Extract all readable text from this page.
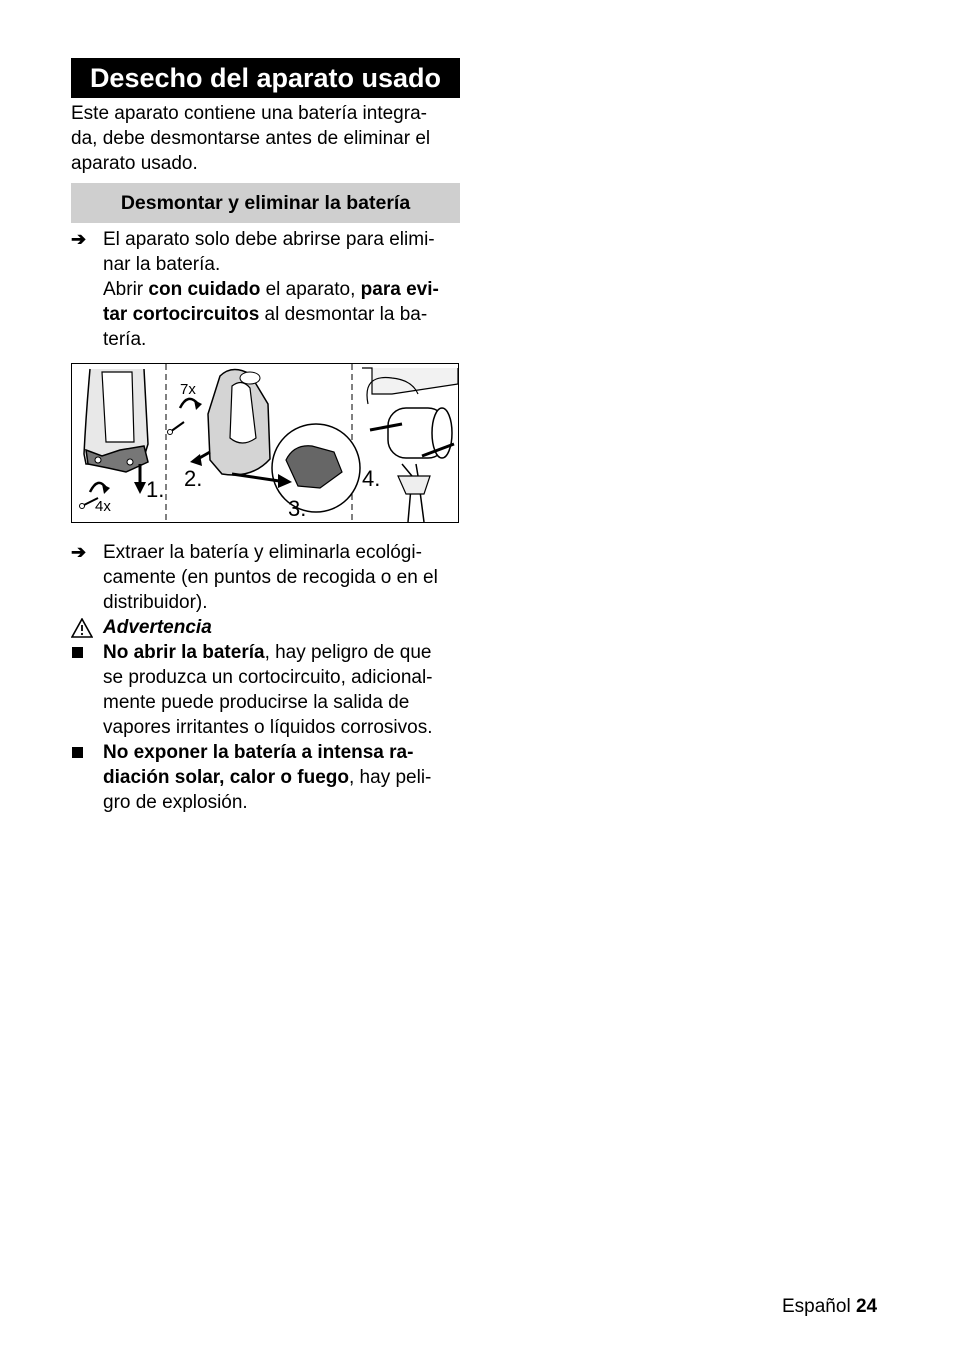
Desecho del aparato usado
Este aparato contiene una batería integra-
da, debe desmontarse antes de eliminar el
aparato usado.
Desmontar y eliminar la batería
➔ El aparato solo debe abrirse para elimi-
nar la batería.
Abrir con cuidado el aparato, para evi-
tar cortocircuitos al desmontar la ba-
tería.
4x
1.
7x
2.
3.
4.
➔ Extraer la batería y eliminarla ecológi-
camente (en puntos de recogida o en el
distribuidor).
Advertencia
No abrir la batería, hay peligro de que
se produzca un cortocircuito, adicional-
mente puede producirse la salida de
vapores irritantes o líquidos corrosivos.
No exponer la batería a intensa ra-
diación solar, calor o fuego, hay peli-
gro de explosión.
Español 24
